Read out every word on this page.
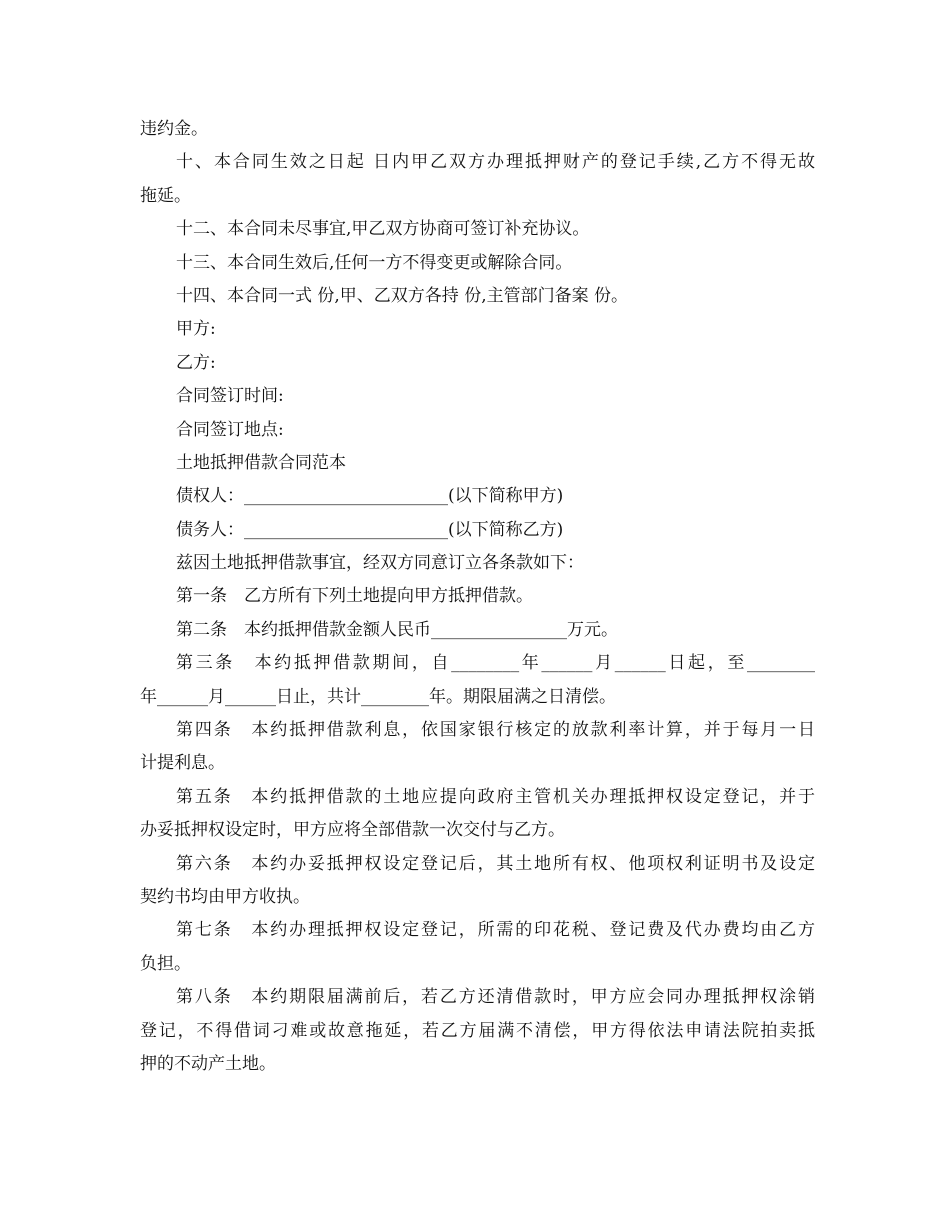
违约金。
十、本合同生效之日起 日内甲乙双方办理抵押财产的登记手续,乙方不得无故
拖延。
十二、本合同未尽事宜,甲乙双方协商可签订补充协议。
十三、本合同生效后,任何一方不得变更或解除合同。
十四、本合同一式 份,甲、乙双方各持 份,主管部门备案 份。
甲方:
乙方:
合同签订时间:
合同签订地点:
土地抵押借款合同范本
债权人：________________________(以下简称甲方)
债务人：________________________(以下简称乙方)
兹因土地抵押借款事宜，经双方同意订立各条款如下：
第一条　乙方所有下列土地提向甲方抵押借款。
第二条　本约抵押借款金额人民币________________万元。
第三条　本约抵押借款期间，自________年______月______日起，至________
年______月______日止，共计________年。期限届满之日清偿。
第四条　本约抵押借款利息，依国家银行核定的放款利率计算，并于每月一日
计提利息。
第五条　本约抵押借款的土地应提向政府主管机关办理抵押权设定登记，并于
办妥抵押权设定时，甲方应将全部借款一次交付与乙方。
第六条　本约办妥抵押权设定登记后，其土地所有权、他项权利证明书及设定
契约书均由甲方收执。
第七条　本约办理抵押权设定登记，所需的印花税、登记费及代办费均由乙方
负担。
第八条　本约期限届满前后，若乙方还清借款时，甲方应会同办理抵押权涂销
登记，不得借词刁难或故意拖延，若乙方届满不清偿，甲方得依法申请法院拍卖抵
押的不动产土地。
